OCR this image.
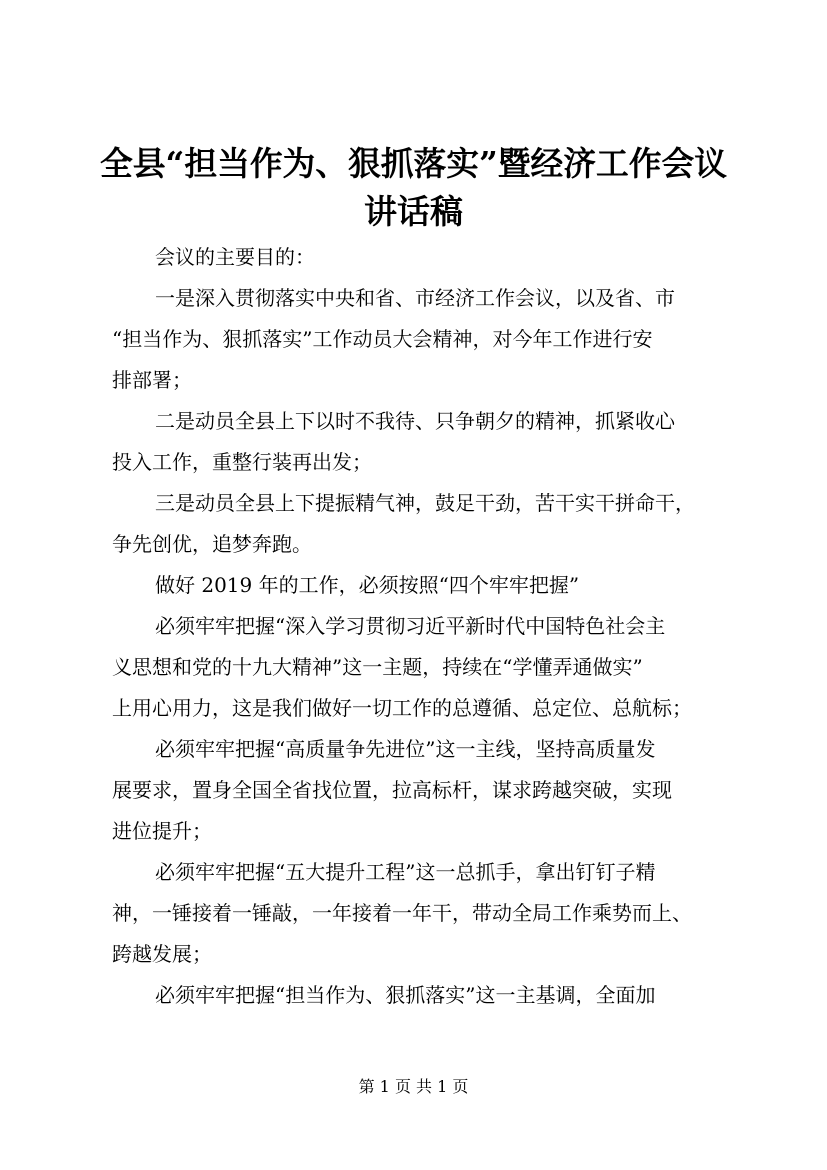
全县“担当作为、狠抓落实”暨经济工作会议
讲话稿
会议的主要目的：
一是深入贯彻落实中央和省、市经济工作会议，以及省、市
“担当作为、狠抓落实”工作动员大会精神，对今年工作进行安
排部署；
二是动员全县上下以时不我待、只争朝夕的精神，抓紧收心
投入工作，重整行装再出发；
三是动员全县上下提振精气神，鼓足干劲，苦干实干拼命干，
争先创优，追梦奔跑。
做好 2019 年的工作，必须按照“四个牢牢把握”
必须牢牢把握“深入学习贯彻习近平新时代中国特色社会主
义思想和党的十九大精神”这一主题，持续在“学懂弄通做实”
上用心用力，这是我们做好一切工作的总遵循、总定位、总航标；
必须牢牢把握“高质量争先进位”这一主线，坚持高质量发
展要求，置身全国全省找位置，拉高标杆，谋求跨越突破，实现
进位提升；
必须牢牢把握“五大提升工程”这一总抓手，拿出钉钉子精
神，一锤接着一锤敲，一年接着一年干，带动全局工作乘势而上、
跨越发展；
必须牢牢把握“担当作为、狠抓落实”这一主基调，全面加
第 1 页 共 1 页
